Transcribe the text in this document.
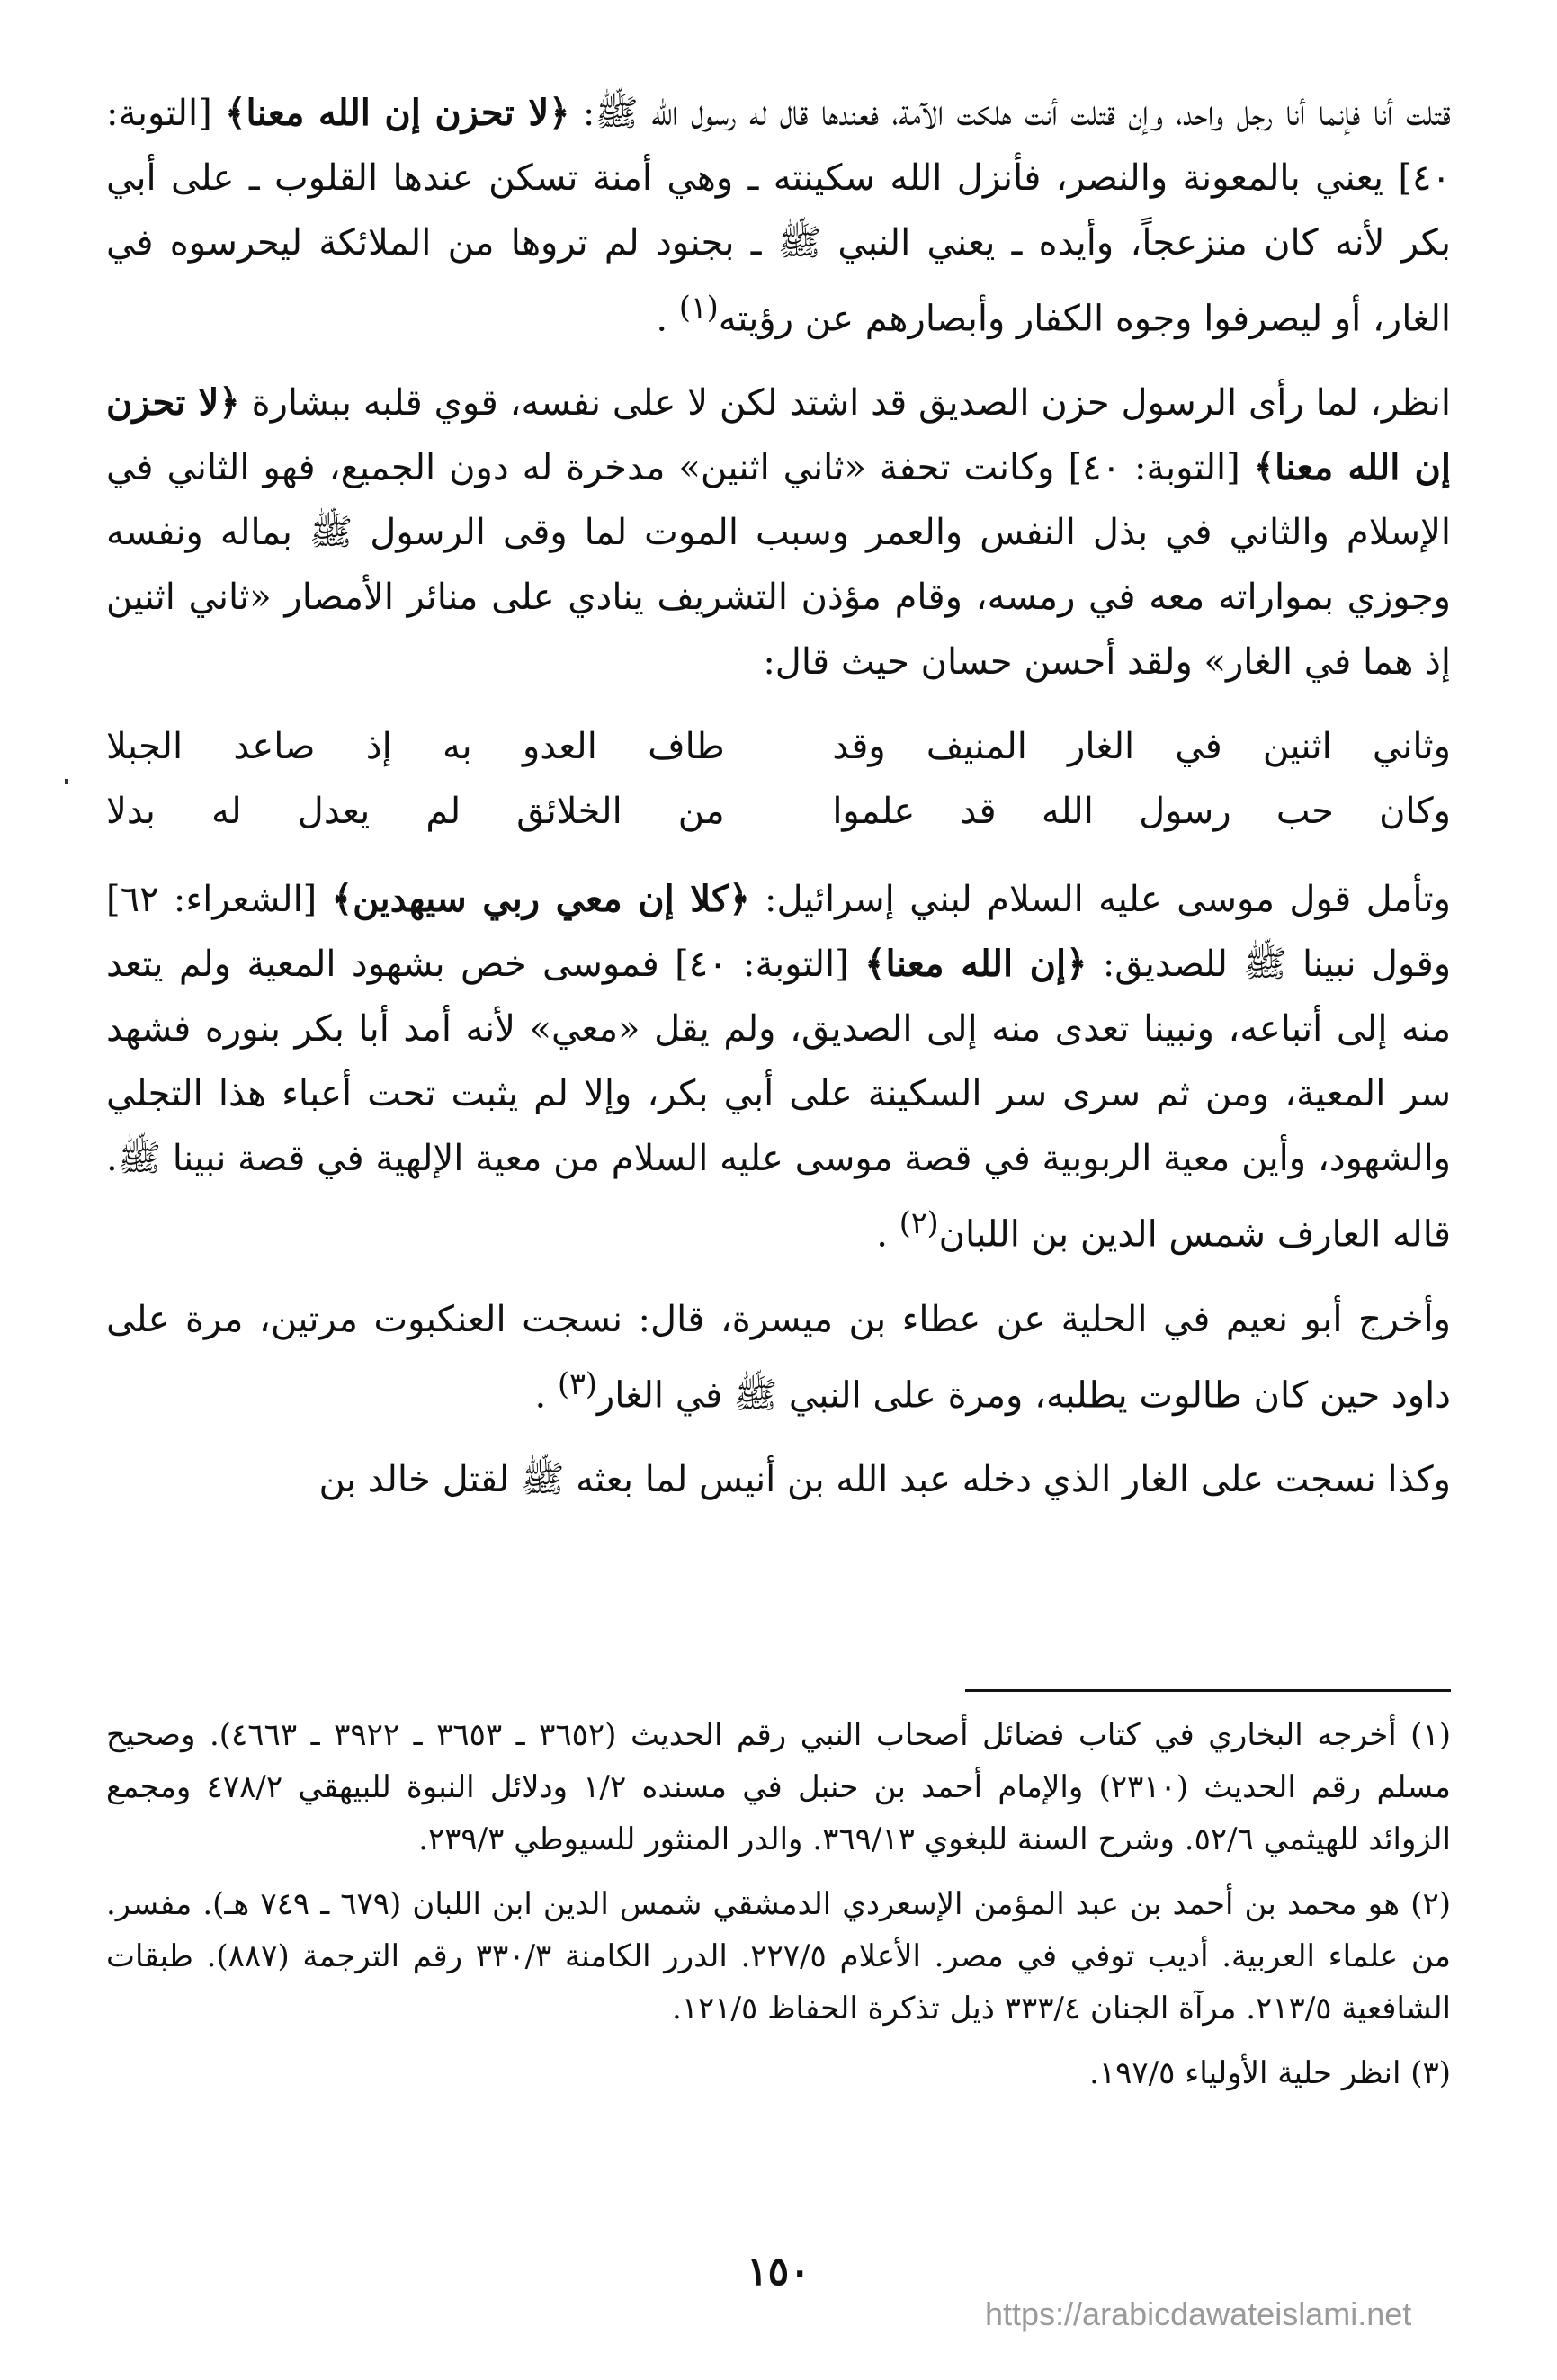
قتلت أنا فإنما أنا رجل واحد، وإن قتلت أنت هلكت الآمة، فعندها قال له رسول الله ﷺ: ﴿لا تحزن إن الله معنا﴾ [التوبة: ٤٠] يعني بالمعونة والنصر، فأنزل الله سكينته ـ وهي أمنة تسكن عندها القلوب ـ على أبي بكر لأنه كان منزعجاً، وأيده ـ يعني النبي ﷺ ـ بجنود لم تروها من الملائكة ليحرسوه في الغار، أو ليصرفوا وجوه الكفار وأبصارهم عن رؤيته$^{(١)}$ .

انظر، لما رأى الرسول حزن الصديق قد اشتد لكن لا على نفسه، قوي قلبه ببشارة ﴿لا تحزن إن الله معنا﴾ [التوبة: ٤٠] وكانت تحفة «ثاني اثنين» مدخرة له دون الجميع، فهو الثاني في الإسلام والثاني في بذل النفس والعمر وسبب الموت لما وقى الرسول ﷺ بماله ونفسه وجوزي بمواراته معه في رمسه، وقام مؤذن التشريف ينادي على منائر الأمصار «ثاني اثنين إذ هما في الغار» ولقد أحسن حسان حيث قال:

وثاني اثنين في الغار المنيف وقد
طاف العدو به إذ صاعد الجبلا
وكان حب رسول الله قد علموا
من الخلائق لم يعدل له بدلا

وتأمل قول موسى عليه السلام لبني إسرائيل: ﴿كلا إن معي ربي سيهدين﴾ [الشعراء: ٦٢] وقول نبينا ﷺ للصديق: ﴿إن الله معنا﴾ [التوبة: ٤٠] فموسى خص بشهود المعية ولم يتعد منه إلى أتباعه، ونبينا تعدى منه إلى الصديق، ولم يقل «معي» لأنه أمد أبا بكر بنوره فشهد سر المعية، ومن ثم سرى سر السكينة على أبي بكر، وإلا لم يثبت تحت أعباء هذا التجلي والشهود، وأين معية الربوبية في قصة موسى عليه السلام من معية الإلهية في قصة نبينا ﷺ. قاله العارف شمس الدين بن اللبان$^{(٢)}$ .

وأخرج أبو نعيم في الحلية عن عطاء بن ميسرة، قال: نسجت العنكبوت مرتين، مرة على داود حين كان طالوت يطلبه، ومرة على النبي ﷺ في الغار$^{(٣)}$ .

وكذا نسجت على الغار الذي دخله عبد الله بن أنيس لما بعثه ﷺ لقتل خالد بن

(١) أخرجه البخاري في كتاب فضائل أصحاب النبي رقم الحديث (٣٦٥٢ ـ ٣٦٥٣ ـ ٣٩٢٢ ـ ٤٦٦٣). وصحيح مسلم رقم الحديث (٢٣١٠) والإمام أحمد بن حنبل في مسنده ١/٢ ودلائل النبوة للبيهقي ٤٧٨/٢ ومجمع الزوائد للهيثمي ٥٢/٦. وشرح السنة للبغوي ٣٦٩/١٣. والدر المنثور للسيوطي ٢٣٩/٣.

(٢) هو محمد بن أحمد بن عبد المؤمن الإسعردي الدمشقي شمس الدين ابن اللبان (٦٧٩ ـ ٧٤٩ هـ). مفسر. من علماء العربية. أديب توفي في مصر. الأعلام ٢٢٧/٥. الدرر الكامنة ٣٣٠/٣ رقم الترجمة (٨٨٧). طبقات الشافعية ٢١٣/٥. مرآة الجنان ٣٣٣/٤ ذيل تذكرة الحفاظ ١٢١/٥.

(٣) انظر حلية الأولياء ١٩٧/٥.

١٥٠
https://arabicdawateislami.net
